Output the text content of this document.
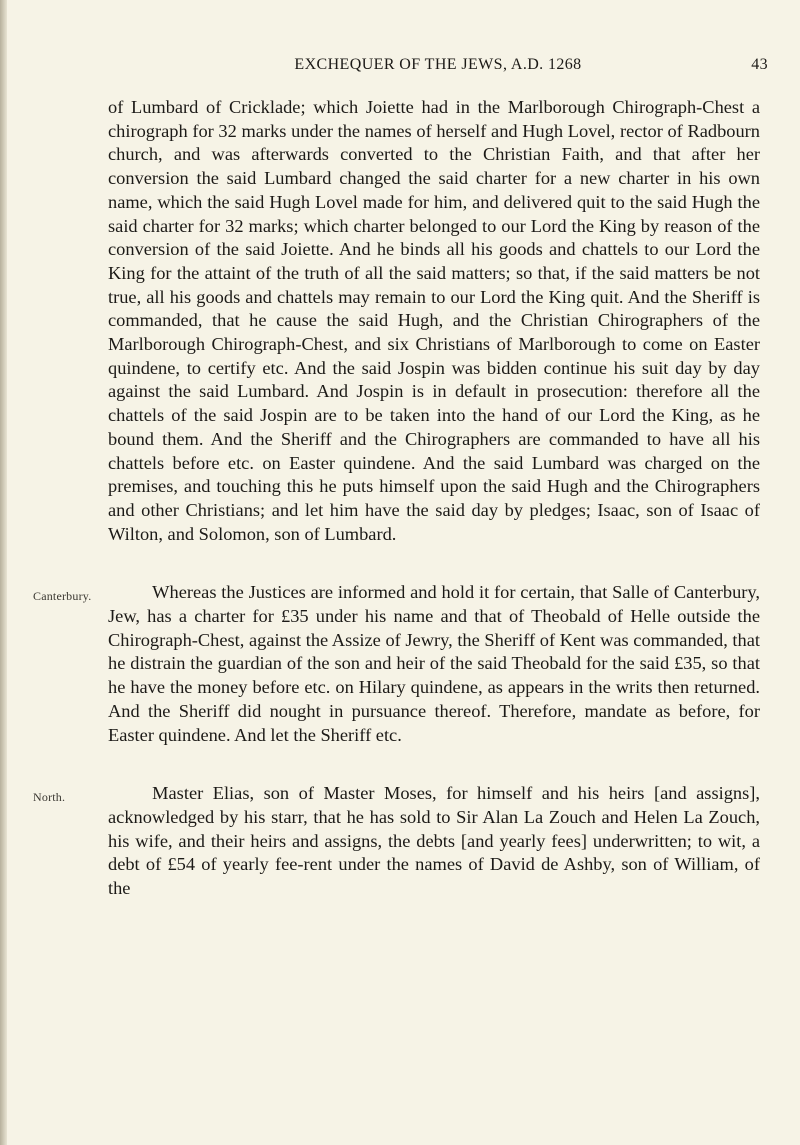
EXCHEQUER OF THE JEWS, A.D. 1268	43

of Lumbard of Cricklade; which Joiette had in the Marlborough Chirograph-Chest a chirograph for 32 marks under the names of herself and Hugh Lovel, rector of Radbourn church, and was afterwards converted to the Christian Faith, and that after her conversion the said Lumbard changed the said charter for a new charter in his own name, which the said Hugh Lovel made for him, and delivered quit to the said Hugh the said charter for 32 marks; which charter belonged to our Lord the King by reason of the conversion of the said Joiette. And he binds all his goods and chattels to our Lord the King for the attaint of the truth of all the said matters; so that, if the said matters be not true, all his goods and chattels may remain to our Lord the King quit. And the Sheriff is commanded, that he cause the said Hugh, and the Christian Chirographers of the Marlborough Chirograph-Chest, and six Christians of Marlborough to come on Easter quindene, to certify etc. And the said Jospin was bidden continue his suit day by day against the said Lumbard. And Jospin is in default in prosecution: therefore all the chattels of the said Jospin are to be taken into the hand of our Lord the King, as he bound them. And the Sheriff and the Chirographers are commanded to have all his chattels before etc. on Easter quindene. And the said Lumbard was charged on the premises, and touching this he puts himself upon the said Hugh and the Chirographers and other Christians; and let him have the said day by pledges; Isaac, son of Isaac of Wilton, and Solomon, son of Lumbard.

Canterbury.	Whereas the Justices are informed and hold it for certain, that Salle of Canterbury, Jew, has a charter for £35 under his name and that of Theobald of Helle outside the Chirograph-Chest, against the Assize of Jewry, the Sheriff of Kent was commanded, that he distrain the guardian of the son and heir of the said Theobald for the said £35, so that he have the money before etc. on Hilary quindene, as appears in the writs then returned. And the Sheriff did nought in pursuance thereof. Therefore, mandate as before, for Easter quindene. And let the Sheriff etc.

North.	Master Elias, son of Master Moses, for himself and his heirs [and assigns], acknowledged by his starr, that he has sold to Sir Alan La Zouch and Helen La Zouch, his wife, and their heirs and assigns, the debts [and yearly fees] underwritten; to wit, a debt of £54 of yearly fee-rent under the names of David de Ashby, son of William, of the
